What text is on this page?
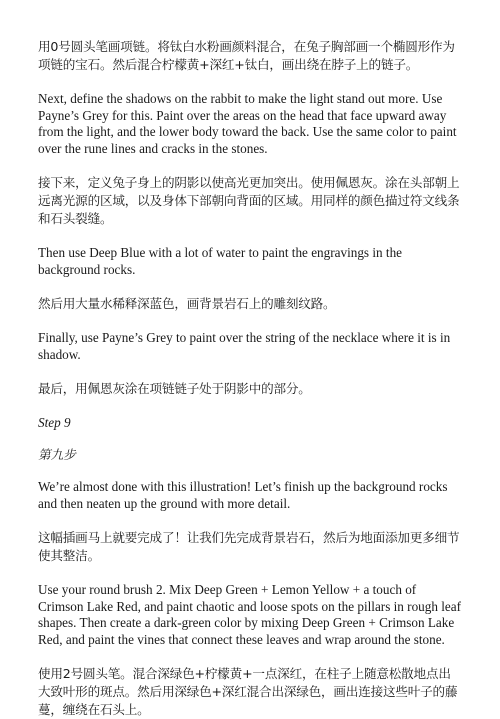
用0号圆头笔画项链。将钛白水粉画颜料混合，在兔子胸部画一个椭圆形作为项链的宝石。然后混合柠檬黄+深红+钛白，画出绕在脖子上的链子。

Next, define the shadows on the rabbit to make the light stand out more. Use Payne’s Grey for this. Paint over the areas on the head that face upward away from the light, and the lower body toward the back. Use the same color to paint over the rune lines and cracks in the stones.

接下来，定义兔子身上的阴影以使高光更加突出。使用佩恩灰。涂在头部朝上远离光源的区域，以及身体下部朝向背面的区域。用同样的颜色描过符文线条和石头裂缝。

Then use Deep Blue with a lot of water to paint the engravings in the background rocks.

然后用大量水稀释深蓝色，画背景岩石上的雕刻纹路。

Finally, use Payne’s Grey to paint over the string of the necklace where it is in shadow.

最后，用佩恩灰涂在项链链子处于阴影中的部分。

Step 9

第九步

We’re almost done with this illustration! Let’s finish up the background rocks and then neaten up the ground with more detail.

这幅插画马上就要完成了！让我们先完成背景岩石，然后为地面添加更多细节使其整洁。

Use your round brush 2. Mix Deep Green + Lemon Yellow + a touch of Crimson Lake Red, and paint chaotic and loose spots on the pillars in rough leaf shapes. Then create a dark-green color by mixing Deep Green + Crimson Lake Red, and paint the vines that connect these leaves and wrap around the stone.

使用2号圆头笔。混合深绿色+柠檬黄+一点深红，在柱子上随意松散地点出大致叶形的斑点。然后用深绿色+深红混合出深绿色，画出连接这些叶子的藤蔓，缠绕在石头上。
